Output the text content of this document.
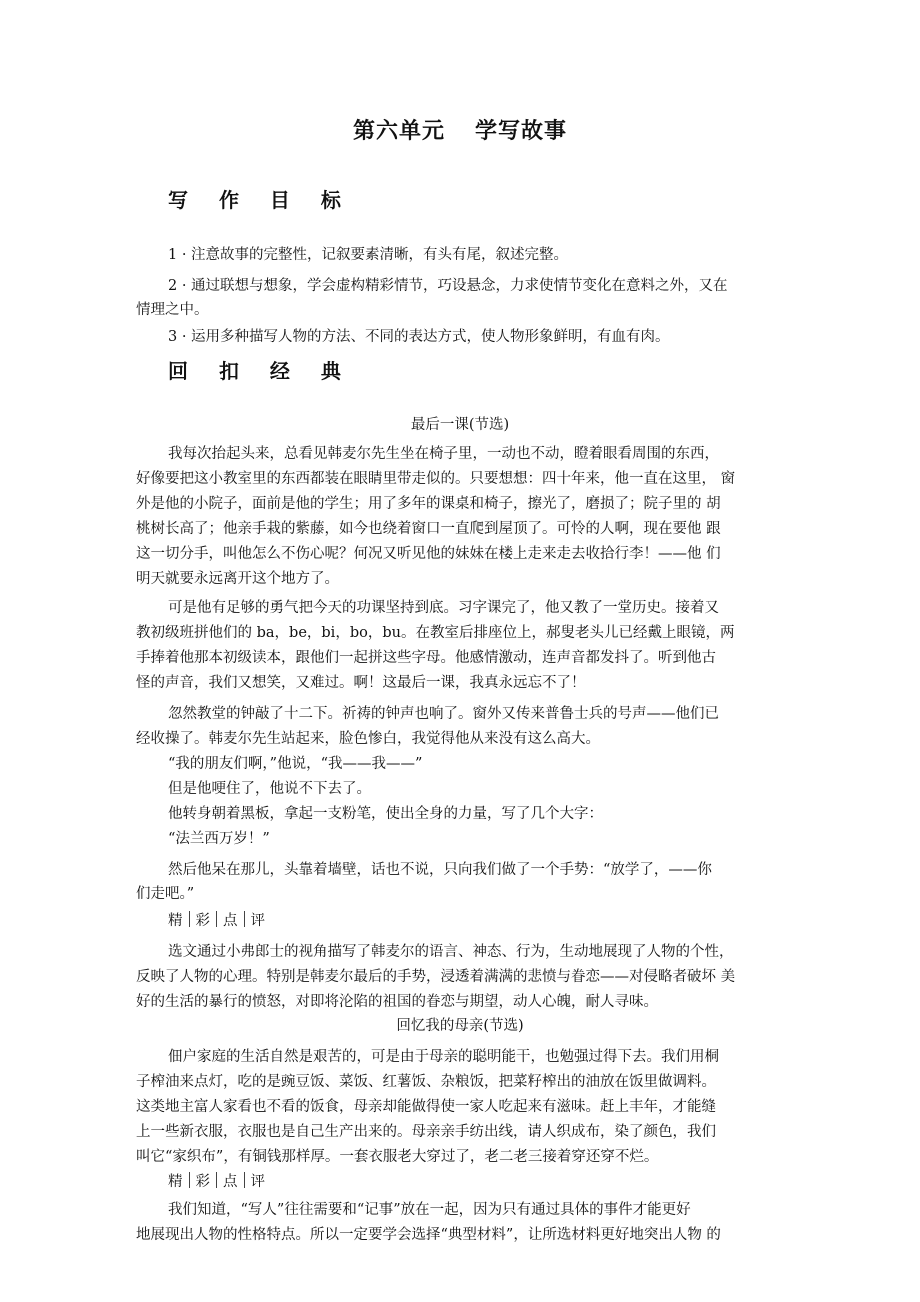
第六单元 学写故事
写 作 目 标
1 · 注意故事的完整性，记叙要素清晰，有头有尾，叙述完整。
2 · 通过联想与想象，学会虚构精彩情节，巧设悬念，力求使情节变化在意料之外，又在
情理之中。
3 · 运用多种描写人物的方法、不同的表达方式，使人物形象鲜明，有血有肉。
回 扣 经 典
最后一课(节选)
我每次抬起头来，总看见韩麦尔先生坐在椅子里，一动也不动，瞪着眼看周围的东西，
好像要把这小教室里的东西都装在眼睛里带走似的。只要想想：四十年来，他一直在这里， 窗
外是他的小院子，面前是他的学生；用了多年的课桌和椅子，擦光了，磨损了；院子里的 胡
桃树长高了；他亲手栽的紫藤，如今也绕着窗口一直爬到屋顶了。可怜的人啊，现在要他 跟
这一切分手，叫他怎么不伤心呢？何况又听见他的妹妹在楼上走来走去收拾行李！——他 们
明天就要永远离开这个地方了。
可是他有足够的勇气把今天的功课坚持到底。习字课完了，他又教了一堂历史。接着又
教初级班拼他们的 ba，be，bi，bo，bu。在教室后排座位上，郝叟老头儿已经戴上眼镜，两
手捧着他那本初级读本，跟他们一起拼这些字母。他感情激动，连声音都发抖了。听到他古
怪的声音，我们又想笑，又难过。啊！这最后一课，我真永远忘不了！
忽然教堂的钟敲了十二下。祈祷的钟声也响了。窗外又传来普鲁士兵的号声——他们已
经收操了。韩麦尔先生站起来，脸色惨白，我觉得他从来没有这么高大。
“我的朋友们啊，”他说，“我——我——”
但是他哽住了，他说不下去了。
他转身朝着黑板，拿起一支粉笔，使出全身的力量，写了几个大字：
“法兰西万岁！”
然后他呆在那儿，头靠着墙壁，话也不说，只向我们做了一个手势：“放学了，——你
们走吧。”
精 彩 点 评
选文通过小弗郎士的视角描写了韩麦尔的语言、神态、行为，生动地展现了人物的个性，
反映了人物的心理。特别是韩麦尔最后的手势，浸透着满满的悲愤与眷恋——对侵略者破坏 美
好的生活的暴行的愤怒，对即将沦陷的祖国的眷恋与期望，动人心魄，耐人寻味。
回忆我的母亲(节选)
佃户家庭的生活自然是艰苦的，可是由于母亲的聪明能干，也勉强过得下去。我们用桐
子榨油来点灯，吃的是豌豆饭、菜饭、红薯饭、杂粮饭，把菜籽榨出的油放在饭里做调料。
这类地主富人家看也不看的饭食，母亲却能做得使一家人吃起来有滋味。赶上丰年，才能缝
上一些新衣服，衣服也是自己生产出来的。母亲亲手纺出线，请人织成布，染了颜色，我们
叫它“家织布”，有铜钱那样厚。一套衣服老大穿过了，老二老三接着穿还穿不烂。
精 彩 点 评
我们知道，“写人”往往需要和“记事”放在一起，因为只有通过具体的事件才能更好
地展现出人物的性格特点。所以一定要学会选择“典型材料”，让所选材料更好地突出人物 的
